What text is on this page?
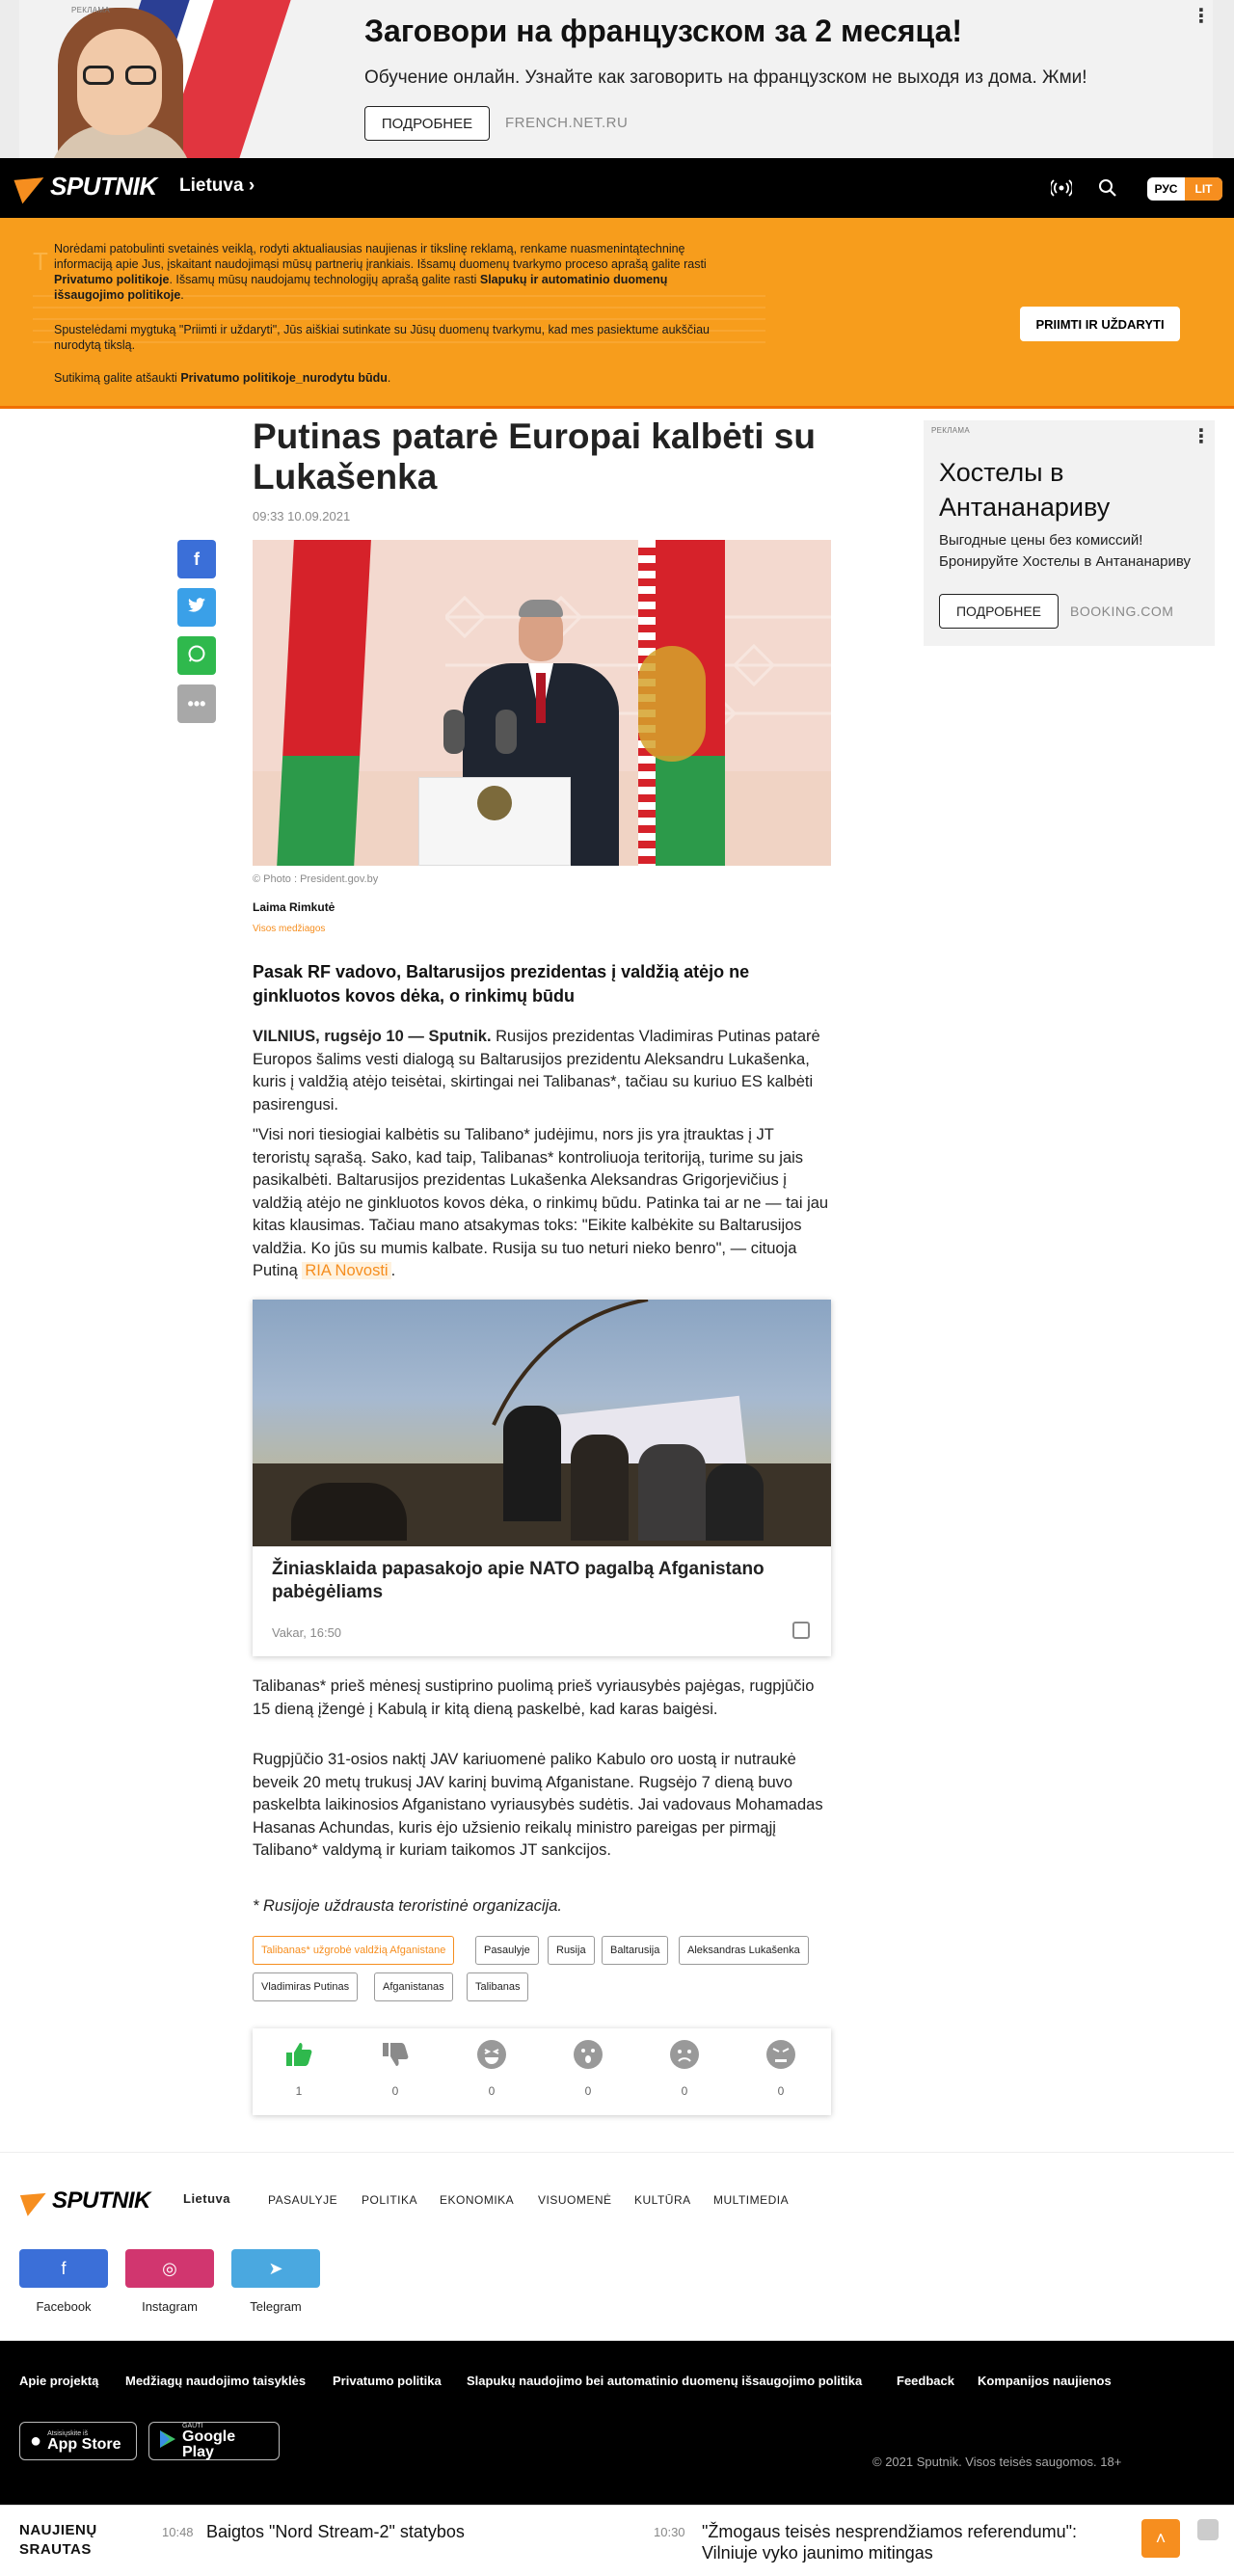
РЕКЛАМА
Заговори на французском за 2 месяца!
Обучение онлайн. Узнайте как заговорить на французском не выходя из дома. Жми!
ПОДРОБНЕЕ	FRENCH.NET.RU
⋮
SPUTNIK Lietuva ›	РУС	LIT
T Norėdami patobulinti svetainės veiklą, rodyti aktualiausias naujienas ir tikslinę reklamą, renkame nuasmenintątechninę informaciją apie Jus, įskaitant naudojimąsi mūsų partnerių įrankiais. Išsamų duomenų tvarkymo proceso aprašą galite rasti Privatumo politikoje. Išsamų mūsų naudojamų technologijų aprašą galite rasti Slapukų ir automatinio duomenų išsaugojimo politikoje.

Spustelėdami mygtuką "Priimti ir uždaryti", Jūs aiškiai sutinkate su Jūsų duomenų tvarkymu, kad mes pasiektume aukščiau nurodytą tikslą.

Sutikimą galite atšaukti Privatumo politikoje_nurodytu būdu.

PRIIMTI IR UŽDARYTI
Putinas patarė Europai kalbėti su Lukašenka
09:33 10.09.2021
f
•••
© Photo : President.gov.by
Laima Rimkutė
Visos medžiagos
Pasak RF vadovo, Baltarusijos prezidentas į valdžią atėjo ne ginkluotos kovos dėka, o rinkimų būdu
VILNIUS, rugsėjo 10 — Sputnik. Rusijos prezidentas Vladimiras Putinas patarė Europos šalims vesti dialogą su Baltarusijos prezidentu Aleksandru Lukašenka, kuris į valdžią atėjo teisėtai, skirtingai nei Talibanas*, tačiau su kuriuo ES kalbėti pasirengusi.
"Visi nori tiesiogiai kalbėtis su Talibano* judėjimu, nors jis yra įtrauktas į JT teroristų sąrašą. Sako, kad taip, Talibanas* kontroliuoja teritoriją, turime su jais pasikalbėti. Baltarusijos prezidentas Lukašenka Aleksandras Grigorjevičius į valdžią atėjo ne ginkluotos kovos dėka, o rinkimų būdu. Patinka tai ar ne — tai jau kitas klausimas. Tačiau mano atsakymas toks: "Eikite kalbėkite su Baltarusijos valdžia. Ko jūs su mumis kalbate. Rusija su tuo neturi nieko benro", — cituoja Putiną RIA Novosti .
Žiniasklaida papasakojo apie NATO pagalbą Afganistano pabėgėliams
Vakar, 16:50
Talibanas* prieš mėnesį sustiprino puolimą prieš vyriausybės pajėgas, rugpjūčio 15 dieną įžengė į Kabulą ir kitą dieną paskelbė, kad karas baigėsi.
Rugpjūčio 31-osios naktį JAV kariuomenė paliko Kabulo oro uostą ir nutraukė beveik 20 metų trukusį JAV karinį buvimą Afganistane. Rugsėjo 7 dieną buvo paskelbta laikinosios Afganistano vyriausybės sudėtis. Jai vadovaus Mohamadas Hasanas Achundas, kuris ėjo užsienio reikalų ministro pareigas per pirmąjį Talibano* valdymą ir kuriam taikomos JT sankcijos.
* Rusijoje uždrausta teroristinė organizacija.
Talibanas* užgrobė valdžią Afganistane	Pasaulyje	Rusija	Baltarusija	Aleksandras Lukašenka
Vladimiras Putinas	Afganistanas	Talibanas
1	0	0	0	0	0
РЕКЛАМА	⋮
Хостелы в Антананариву
Выгодные цены без комиссий! Бронируйте Хостелы в Антананариву
ПОДРОБНЕЕ	BOOKING.COM
SPUTNIK	Lietuva	PASAULYJE POLITIKA EKONOMIKA VISUOMENĖ KULTŪRA MULTIMEDIA
f	◎	➤
Facebook	Instagram	Telegram
Apie projektą Medžiagų naudojimo taisyklės Privatumo politika Slapukų naudojimo bei automatinio duomenų išsaugojimo politika	Feedback Kompanijos naujienos
● Atsisiųskite iš
App Store
GAUTI
Google Play
© 2021 Sputnik. Visos teisės saugomos. 18+
NAUJIENŲ
SRAUTAS
10:48 Baigtos "Nord Stream-2" statybos	10:30 "Žmogaus teisės nesprendžiamos referendumu": Vilniuje vyko jaunimo mitingas
˄
